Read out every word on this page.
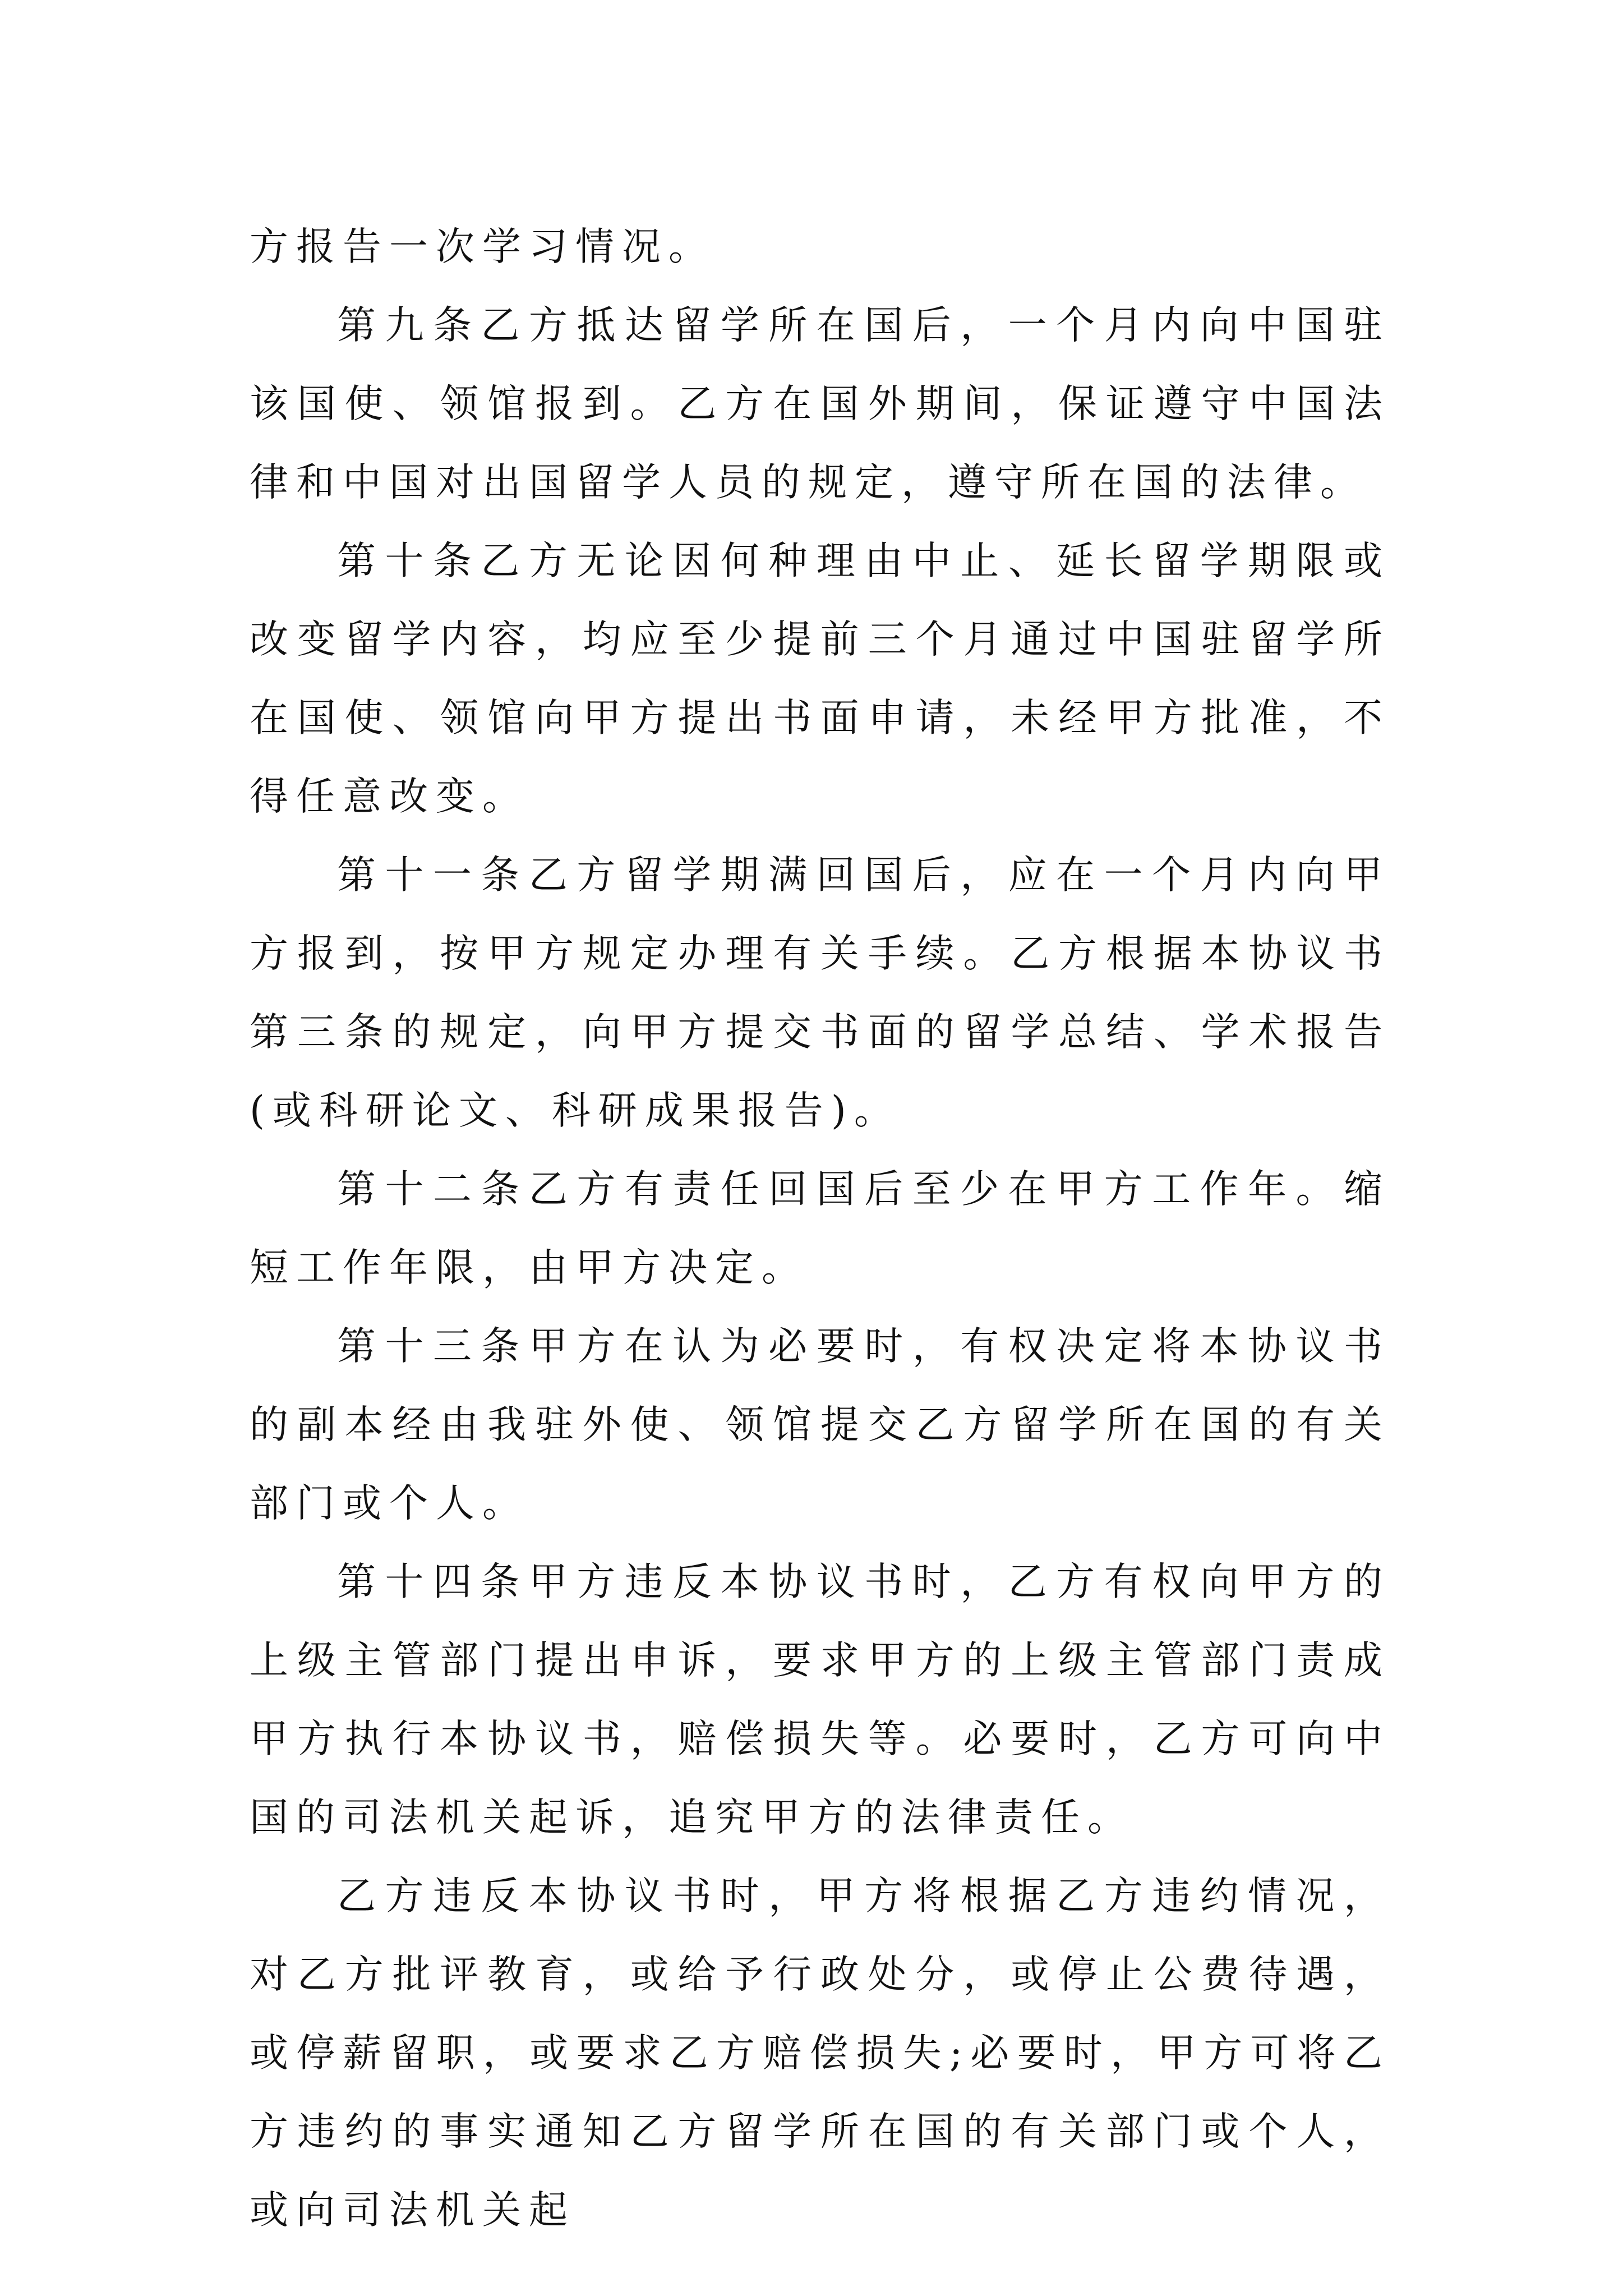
方报告一次学习情况。

第九条乙方抵达留学所在国后，一个月内向中国驻该国使、领馆报到。乙方在国外期间，保证遵守中国法律和中国对出国留学人员的规定，遵守所在国的法律。

第十条乙方无论因何种理由中止、延长留学期限或改变留学内容，均应至少提前三个月通过中国驻留学所在国使、领馆向甲方提出书面申请，未经甲方批准，不得任意改变。

第十一条乙方留学期满回国后，应在一个月内向甲方报到，按甲方规定办理有关手续。乙方根据本协议书第三条的规定，向甲方提交书面的留学总结、学术报告(或科研论文、科研成果报告)。

第十二条乙方有责任回国后至少在甲方工作年。缩短工作年限，由甲方决定。

第十三条甲方在认为必要时，有权决定将本协议书的副本经由我驻外使、领馆提交乙方留学所在国的有关部门或个人。

第十四条甲方违反本协议书时，乙方有权向甲方的上级主管部门提出申诉，要求甲方的上级主管部门责成甲方执行本协议书，赔偿损失等。必要时，乙方可向中国的司法机关起诉，追究甲方的法律责任。

乙方违反本协议书时，甲方将根据乙方违约情况，对乙方批评教育，或给予行政处分，或停止公费待遇，或停薪留职，或要求乙方赔偿损失;必要时，甲方可将乙方违约的事实通知乙方留学所在国的有关部门或个人，或向司法机关起
